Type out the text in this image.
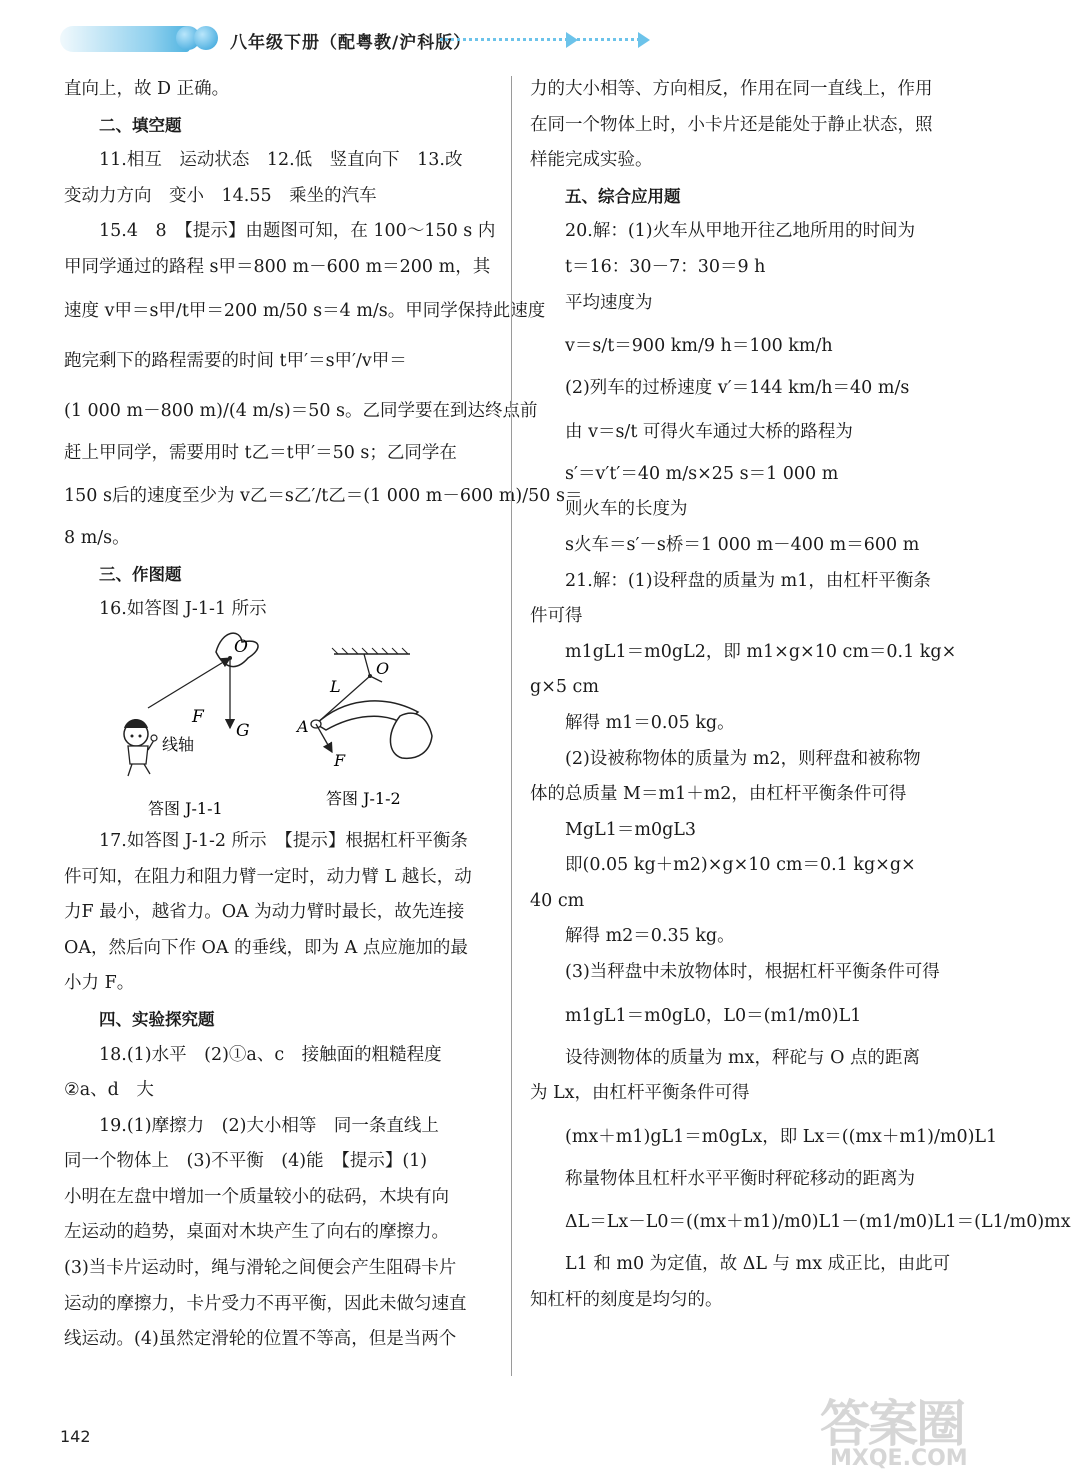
八年级下册（配粤教/沪科版）
直向上，故 D 正确。
二、填空题
11.相互　运动状态　12.低　竖直向下　13.改
变动力方向　变小　14.55　乘坐的汽车
15.4　8　【提示】由题图可知，在 100～150 s 内
甲同学通过的路程 s甲＝800 m－600 m＝200 m，其
速度 v甲＝s甲/t甲＝200 m/50 s＝4 m/s。甲同学保持此速度
跑完剩下的路程需要的时间 t甲′＝s甲′/v甲＝
(1 000 m－800 m)/(4 m/s)＝50 s。乙同学要在到达终点前
赶上甲同学，需要用时 t乙＝t甲′＝50 s；乙同学在
150 s后的速度至少为 v乙＝s乙′/t乙＝(1 000 m－600 m)/50 s＝
8 m/s。
三、作图题
16.如答图 J-1-1 所示
O
F
G
线轴
答图 J-1-1
O
L
A
F
答图 J-1-2
17.如答图 J-1-2 所示　【提示】根据杠杆平衡条
件可知，在阻力和阻力臂一定时，动力臂 L 越长，动
力F 最小，越省力。OA 为动力臂时最长，故先连接
OA，然后向下作 OA 的垂线，即为 A 点应施加的最
小力 F。
四、实验探究题
18.(1)水平　(2)①a、c　接触面的粗糙程度
②a、d　大
19.(1)摩擦力　(2)大小相等　同一条直线上
同一个物体上　(3)不平衡　(4)能　【提示】(1)
小明在左盘中增加一个质量较小的砝码，木块有向
左运动的趋势，桌面对木块产生了向右的摩擦力。
(3)当卡片运动时，绳与滑轮之间便会产生阻碍卡片
运动的摩擦力，卡片受力不再平衡，因此未做匀速直
线运动。(4)虽然定滑轮的位置不等高，但是当两个
力的大小相等、方向相反，作用在同一直线上，作用
在同一个物体上时，小卡片还是能处于静止状态，照
样能完成实验。
五、综合应用题
20.解：(1)火车从甲地开往乙地所用的时间为
t＝16：30－7：30＝9 h
平均速度为
v＝s/t＝900 km/9 h＝100 km/h
(2)列车的过桥速度 v′＝144 km/h＝40 m/s
由 v＝s/t 可得火车通过大桥的路程为
s′＝v′t′＝40 m/s×25 s＝1 000 m
则火车的长度为
s火车＝s′－s桥＝1 000 m－400 m＝600 m
21.解：(1)设秤盘的质量为 m1，由杠杆平衡条
件可得
m1gL1＝m0gL2，即 m1×g×10 cm＝0.1 kg×
g×5 cm
解得 m1＝0.05 kg。
(2)设被称物体的质量为 m2，则秤盘和被称物
体的总质量 M＝m1＋m2，由杠杆平衡条件可得
MgL1＝m0gL3
即(0.05 kg＋m2)×g×10 cm＝0.1 kg×g×
40 cm
解得 m2＝0.35 kg。
(3)当秤盘中未放物体时，根据杠杆平衡条件可得
m1gL1＝m0gL0，L0＝(m1/m0)L1
设待测物体的质量为 mx，秤砣与 O 点的距离
为 Lx，由杠杆平衡条件可得
(mx＋m1)gL1＝m0gLx，即 Lx＝((mx＋m1)/m0)L1
称量物体且杠杆水平平衡时秤砣移动的距离为
ΔL＝Lx－L0＝((mx＋m1)/m0)L1－(m1/m0)L1＝(L1/m0)mx
L1 和 m0 为定值，故 ΔL 与 mx 成正比，由此可
知杠杆的刻度是均匀的。
142	答案圈
MXQE.COM
